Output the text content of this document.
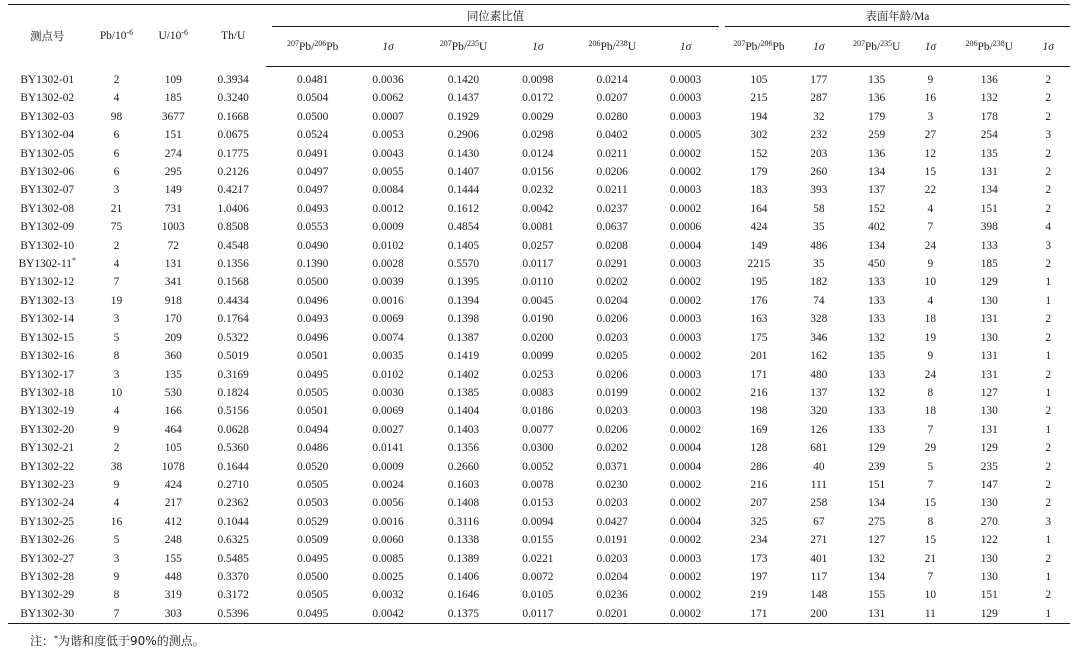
测点号	$Pb/10^{-6}$	$U/10^{-6}$	Th/U		同位素比值							表面年龄/Ma					
					$^{207}$Pb/$^{206}$Pb	1σ	$^{207}$Pb/$^{235}$U	1σ	$^{206}$Pb/$^{238}$U	1σ		$^{207}$Pb/$^{206}$Pb	1σ	$^{207}$Pb/$^{235}$U	1σ	$^{206}$Pb/$^{238}$U	1σ
BY1302-01	2	109	0.3934		0.0481	0.0036	0.1420	0.0098	0.0214	0.0003		105	177	135	9	136	2
BY1302-02	4	185	0.3240		0.0504	0.0062	0.1437	0.0172	0.0207	0.0003		215	287	136	16	132	2
BY1302-03	98	3677	0.1668		0.0500	0.0007	0.1929	0.0029	0.0280	0.0003		194	32	179	3	178	2
BY1302-04	6	151	0.0675		0.0524	0.0053	0.2906	0.0298	0.0402	0.0005		302	232	259	27	254	3
BY1302-05	6	274	0.1775		0.0491	0.0043	0.1430	0.0124	0.0211	0.0002		152	203	136	12	135	2
BY1302-06	6	295	0.2126		0.0497	0.0055	0.1407	0.0156	0.0206	0.0002		179	260	134	15	131	2
BY1302-07	3	149	0.4217		0.0497	0.0084	0.1444	0.0232	0.0211	0.0003		183	393	137	22	134	2
BY1302-08	21	731	1.0406		0.0493	0.0012	0.1612	0.0042	0.0237	0.0002		164	58	152	4	151	2
BY1302-09	75	1003	0.8508		0.0553	0.0009	0.4854	0.0081	0.0637	0.0006		424	35	402	7	398	4
BY1302-10	2	72	0.4548		0.0490	0.0102	0.1405	0.0257	0.0208	0.0004		149	486	134	24	133	3
BY1302-11*	4	131	0.1356		0.1390	0.0028	0.5570	0.0117	0.0291	0.0003		2215	35	450	9	185	2
BY1302-12	7	341	0.1568		0.0500	0.0039	0.1395	0.0110	0.0202	0.0002		195	182	133	10	129	1
BY1302-13	19	918	0.4434		0.0496	0.0016	0.1394	0.0045	0.0204	0.0002		176	74	133	4	130	1
BY1302-14	3	170	0.1764		0.0493	0.0069	0.1398	0.0190	0.0206	0.0003		163	328	133	18	131	2
BY1302-15	5	209	0.5322		0.0496	0.0074	0.1387	0.0200	0.0203	0.0003		175	346	132	19	130	2
BY1302-16	8	360	0.5019		0.0501	0.0035	0.1419	0.0099	0.0205	0.0002		201	162	135	9	131	1
BY1302-17	3	135	0.3169		0.0495	0.0102	0.1402	0.0253	0.0206	0.0003		171	480	133	24	131	2
BY1302-18	10	530	0.1824		0.0505	0.0030	0.1385	0.0083	0.0199	0.0002		216	137	132	8	127	1
BY1302-19	4	166	0.5156		0.0501	0.0069	0.1404	0.0186	0.0203	0.0003		198	320	133	18	130	2
BY1302-20	9	464	0.0628		0.0494	0.0027	0.1403	0.0077	0.0206	0.0002		169	126	133	7	131	1
BY1302-21	2	105	0.5360		0.0486	0.0141	0.1356	0.0300	0.0202	0.0004		128	681	129	29	129	2
BY1302-22	38	1078	0.1644		0.0520	0.0009	0.2660	0.0052	0.0371	0.0004		286	40	239	5	235	2
BY1302-23	9	424	0.2710		0.0505	0.0024	0.1603	0.0078	0.0230	0.0002		216	111	151	7	147	2
BY1302-24	4	217	0.2362		0.0503	0.0056	0.1408	0.0153	0.0203	0.0002		207	258	134	15	130	2
BY1302-25	16	412	0.1044		0.0529	0.0016	0.3116	0.0094	0.0427	0.0004		325	67	275	8	270	3
BY1302-26	5	248	0.6325		0.0509	0.0060	0.1338	0.0155	0.0191	0.0002		234	271	127	15	122	1
BY1302-27	3	155	0.5485		0.0495	0.0085	0.1389	0.0221	0.0203	0.0003		173	401	132	21	130	2
BY1302-28	9	448	0.3370		0.0500	0.0025	0.1406	0.0072	0.0204	0.0002		197	117	134	7	130	1
BY1302-29	8	319	0.3172		0.0505	0.0032	0.1646	0.0105	0.0236	0.0002		219	148	155	10	151	2
BY1302-30	7	303	0.5396		0.0495	0.0042	0.1375	0.0117	0.0201	0.0002		171	200	131	11	129	1
注：*为谐和度低于90%的测点。
